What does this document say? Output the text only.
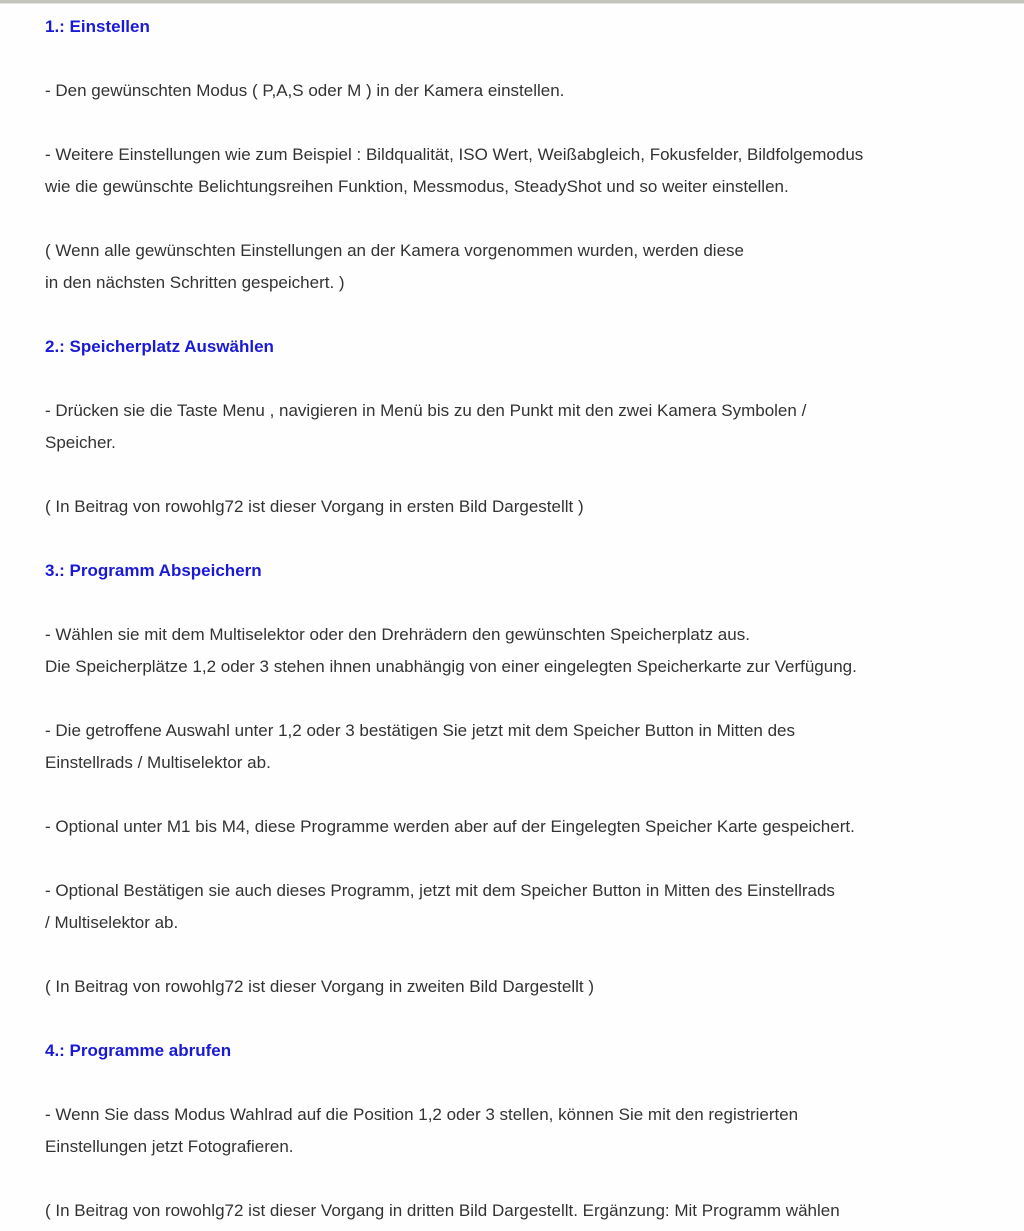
1.: Einstellen
- Den gewünschten Modus ( P,A,S oder M ) in der Kamera einstellen.
- Weitere Einstellungen wie zum Beispiel : Bildqualität, ISO Wert, Weißabgleich, Fokusfelder, Bildfolgemodus
wie die gewünschte Belichtungsreihen Funktion, Messmodus, SteadyShot und so weiter einstellen.
( Wenn alle gewünschten Einstellungen an der Kamera vorgenommen wurden, werden diese
in den nächsten Schritten gespeichert. )
2.: Speicherplatz Auswählen
- Drücken sie die Taste Menu , navigieren in Menü bis zu den Punkt mit den zwei Kamera Symbolen /
Speicher.
( In Beitrag von rowohlg72 ist dieser Vorgang in ersten Bild Dargestellt )
3.: Programm Abspeichern
- Wählen sie mit dem Multiselektor oder den Drehrädern den gewünschten Speicherplatz aus.
Die Speicherplätze 1,2 oder 3 stehen ihnen unabhängig von einer eingelegten Speicherkarte zur Verfügung.
- Die getroffene Auswahl unter 1,2 oder 3 bestätigen Sie jetzt mit dem Speicher Button in Mitten des
Einstellrads / Multiselektor ab.
- Optional unter M1 bis M4, diese Programme werden aber auf der Eingelegten Speicher Karte gespeichert.
- Optional Bestätigen sie auch dieses Programm, jetzt mit dem Speicher Button in Mitten des Einstellrads
/ Multiselektor ab.
( In Beitrag von rowohlg72 ist dieser Vorgang in zweiten Bild Dargestellt )
4.: Programme abrufen
- Wenn Sie dass Modus Wahlrad auf die Position 1,2 oder 3 stellen, können Sie mit den registrierten
Einstellungen jetzt Fotografieren.
( In Beitrag von rowohlg72 ist dieser Vorgang in dritten Bild Dargestellt. Ergänzung: Mit Programm wählen
